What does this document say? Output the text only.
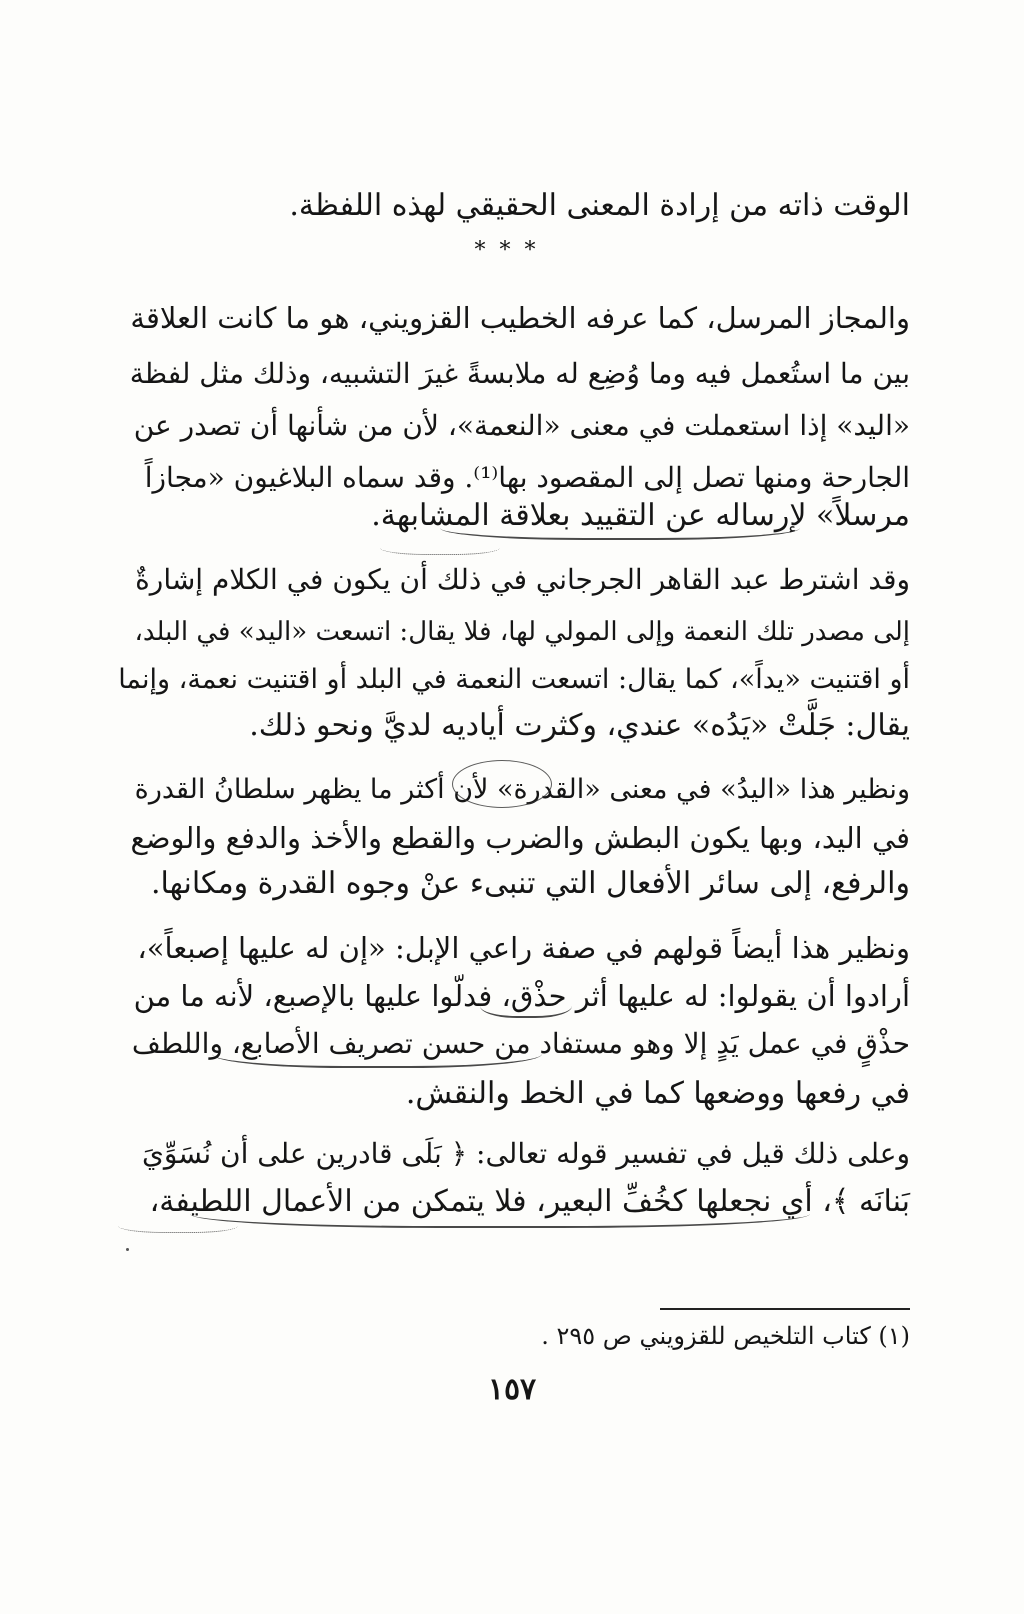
الوقت ذاته من إرادة المعنى الحقيقي لهذه اللفظة.
***
والمجاز المرسل، كما عرفه الخطيب القزويني، هو ما كانت العلاقة
بين ما استُعمل فيه وما وُضِع له ملابسةً غيرَ التشبيه، وذلك مثل لفظة
«اليد» إذا استعملت في معنى «النعمة»، لأن من شأنها أن تصدر عن
الجارحة ومنها تصل إلى المقصود بها⁽¹⁾. وقد سماه البلاغيون «مجازاً
مرسلاً» لإرساله عن التقييد بعلاقة المشابهة.
وقد اشترط عبد القاهر الجرجاني في ذلك أن يكون في الكلام إشارةٌ
إلى مصدر تلك النعمة وإلى المولي لها، فلا يقال: اتسعت «اليد» في البلد،
أو اقتنيت «يداً»، كما يقال: اتسعت النعمة في البلد أو اقتنيت نعمة، وإنما
يقال: جَلَّتْ «يَدُه» عندي، وكثرت أياديه لديَّ ونحو ذلك.
ونظير هذا «اليدُ» في معنى «القدرة» لأن أكثر ما يظهر سلطانُ القدرة
في اليد، وبها يكون البطش والضرب والقطع والأخذ والدفع والوضع
والرفع، إلى سائر الأفعال التي تنبىء عنْ وجوه القدرة ومكانها.
ونظير هذا أيضاً قولهم في صفة راعي الإبل: «إن له عليها إصبعاً»،
أرادوا أن يقولوا: له عليها أثر حذْق، فدلّوا عليها بالإصبع، لأنه ما من
حذْقٍ في عمل يَدٍ إلا وهو مستفاد من حسن تصريف الأصابع، واللطف
في رفعها ووضعها كما في الخط والنقش.
وعلى ذلك قيل في تفسير قوله تعالى: ﴿ بَلَى قادرين على أن نُسَوِّيَ
بَنانَه ﴾، أي نجعلها كخُفِّ البعير، فلا يتمكن من الأعمال اللطيفة،
(١) كتاب التلخيص للقزويني ص ٢٩٥ .
١٥٧
